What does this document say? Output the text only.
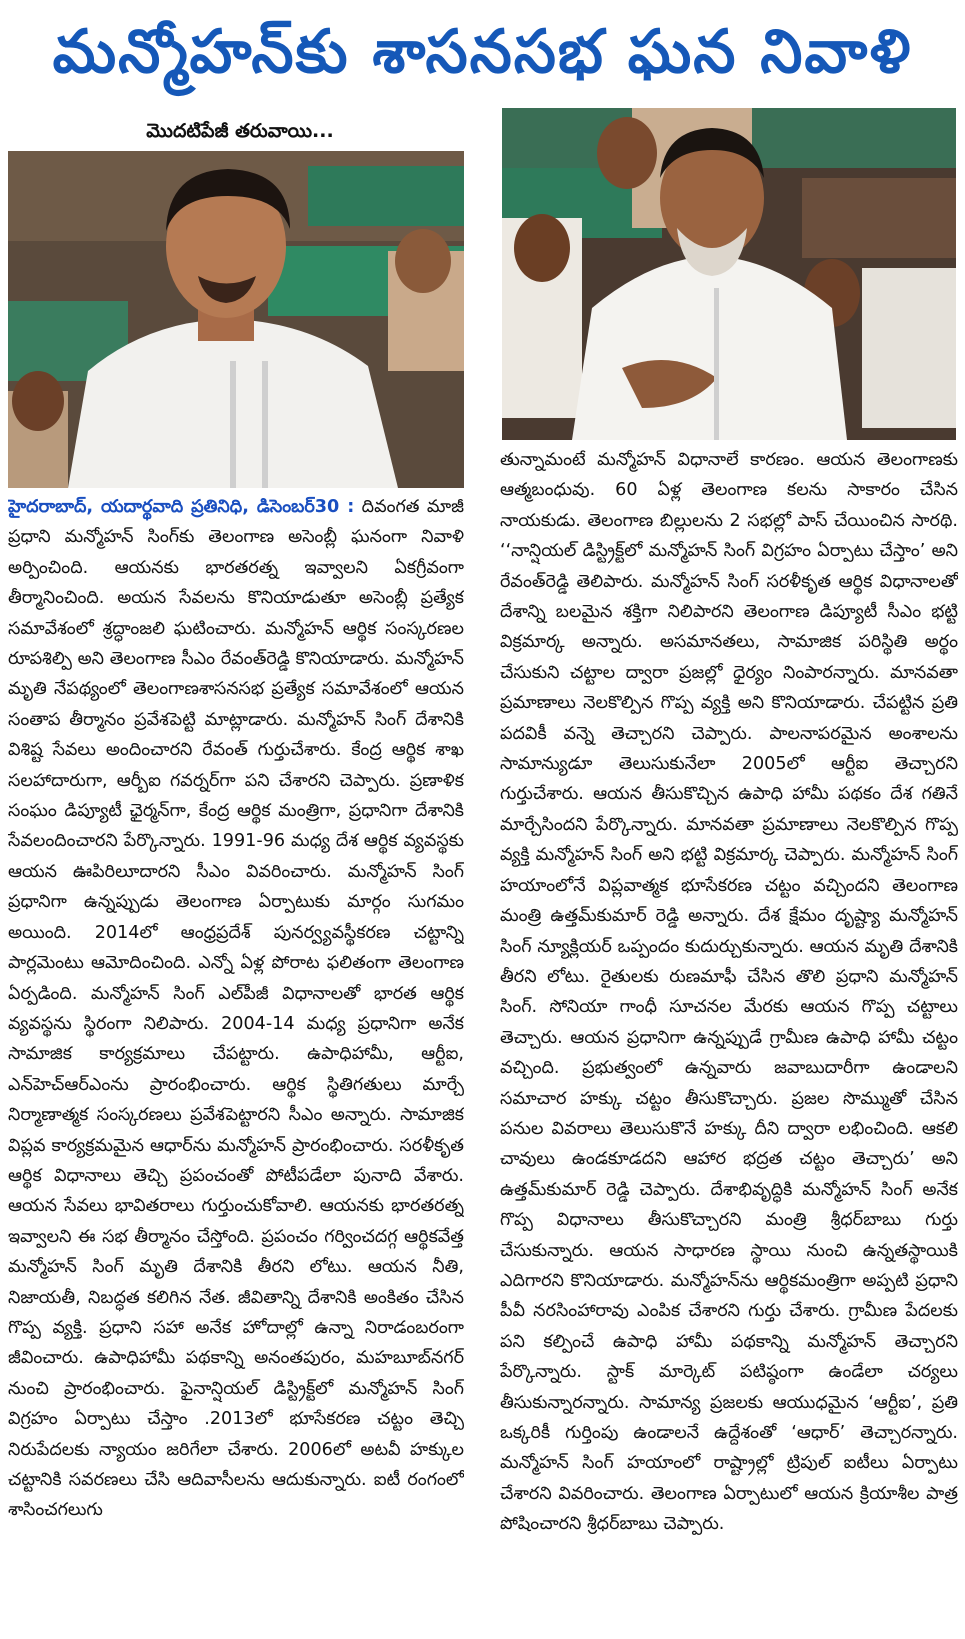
మన్మోహన్‌కు శాసనసభ ఘన నివాళి
మొదటిపేజీ తరువాయి...
హైదరాబాద్, యదార్థవాది ప్రతినిధి, డిసెంబర్30 : దివంగత మాజీ ప్రధాని మన్మోహన్ సింగ్‌కు తెలంగాణ అసెంబ్లీ ఘనంగా నివాళి అర్పించింది. ఆయనకు భారతరత్న ఇవ్వాలని ఏకగ్రీవంగా తీర్మానించింది. అయన సేవలను కొనియాడుతూ అసెంబ్లీ ప్రత్యేక సమావేశంలో శ్రద్ధాంజలి ఘటించారు. మన్మోహన్ ఆర్థిక సంస్కరణల రూపశిల్పి అని తెలంగాణ సీఎం రేవంత్‌రెడ్డి కొనియాడారు. మన్మోహన్ మృతి నేపథ్యంలో తెలంగాణశాసనసభ ప్రత్యేక సమావేశంలో ఆయన సంతాప తీర్మానం ప్రవేశపెట్టి మాట్లాడారు. మన్మోహన్ సింగ్ దేశానికి విశిష్ట సేవలు అందించారని రేవంత్ గుర్తుచేశారు. కేంద్ర ఆర్థిక శాఖ సలహాదారుగా, ఆర్బీఐ గవర్నర్‌గా పని చేశారని చెప్పారు. ప్రణాళిక సంఘం డిప్యూటీ ఛైర్మన్‌గా, కేంద్ర ఆర్థిక మంత్రిగా, ప్రధానిగా దేశానికి సేవలందించారని పేర్కొన్నారు. 1991-96 మధ్య దేశ ఆర్థిక వ్యవస్థకు ఆయన ఊపిరిలూదారని సీఎం వివరించారు. మన్మోహన్ సింగ్ ప్రధానిగా ఉన్నప్పుడు తెలంగాణ ఏర్పాటుకు మార్గం సుగమం అయింది. 2014లో ఆంధ్రప్రదేశ్ పునర్వ్యవస్థీకరణ చట్టాన్ని పార్లమెంటు ఆమోదించింది. ఎన్నో ఏళ్ల పోరాట ఫలితంగా తెలంగాణ ఏర్పడింది. మన్మోహన్ సింగ్ ఎల్‌పీజీ విధానాలతో భారత ఆర్థిక వ్యవస్థను స్థిరంగా నిలిపారు. 2004-14 మధ్య ప్రధానిగా అనేక సామాజిక కార్యక్రమాలు చేపట్టారు. ఉపాధిహామీ, ఆర్టీఐ, ఎన్‌హెచ్‌ఆర్ఎంను ప్రారంభించారు. ఆర్థిక స్థితిగతులు మార్చే నిర్మాణాత్మక సంస్కరణలు ప్రవేశపెట్టారని సీఎం అన్నారు. సామాజిక విప్లవ కార్యక్రమమైన ఆధార్‌ను మన్మోహన్ ప్రారంభించారు. సరళీకృత ఆర్థిక విధానాలు తెచ్చి ప్రపంచంతో పోటీపడేలా పునాది వేశారు. ఆయన సేవలు భావితరాలు గుర్తుంచుకోవాలి. ఆయనకు భారతరత్న ఇవ్వాలని ఈ సభ తీర్మానం చేస్తోంది. ప్రపంచం గర్వించదగ్గ ఆర్థికవేత్త మన్మోహన్ సింగ్ మృతి దేశానికి తీరని లోటు. ఆయన నీతి, నిజాయతీ, నిబద్ధత కలిగిన నేత. జీవితాన్ని దేశానికి అంకితం చేసిన గొప్ప వ్యక్తి. ప్రధాని సహా అనేక హోదాల్లో ఉన్నా నిరాడంబరంగా జీవించారు. ఉపాధిహామీ పథకాన్ని అనంతపురం, మహబూబ్‌నగర్ నుంచి ప్రారంభించారు. ఫైనాన్షియల్ డిస్ట్రిక్ట్‌లో మన్మోహన్ సింగ్ విగ్రహం ఏర్పాటు చేస్తాం .2013లో భూసేకరణ చట్టం తెచ్చి నిరుపేదలకు న్యాయం జరిగేలా చేశారు. 2006లో అటవీ హక్కుల చట్టానికి సవరణలు చేసి ఆదివాసీలను ఆదుకున్నారు. ఐటీ రంగంలో శాసించగలుగు
తున్నామంటే మన్మోహన్ విధానాలే కారణం. ఆయన తెలంగాణకు ఆత్మబంధువు. 60 ఏళ్ల తెలంగాణ కలను సాకారం చేసిన నాయకుడు. తెలంగాణ బిల్లులను 2 సభల్లో పాస్ చేయించిన సారథి. ‘‘నాన్షియల్ డిస్ట్రిక్ట్‌లో మన్మోహన్ సింగ్ విగ్రహం ఏర్పాటు చేస్తాం’ అని రేవంత్‌రెడ్డి తెలిపారు. మన్మోహన్ సింగ్ సరళీకృత ఆర్థిక విధానాలతో దేశాన్ని బలమైన శక్తిగా నిలిపారని తెలంగాణ డిప్యూటీ సీఎం భట్టి విక్రమార్క అన్నారు. అసమానతలు, సామాజిక పరిస్థితి అర్థం చేసుకుని చట్టాల ద్వారా ప్రజల్లో ధైర్యం నింపారన్నారు. మానవతా ప్రమాణాలు నెలకొల్పిన గొప్ప వ్యక్తి అని కొనియాడారు. చేపట్టిన ప్రతి పదవికీ వన్నె తెచ్చారని చెప్పారు. పాలనాపరమైన అంశాలను సామాన్యుడూ తెలుసుకునేలా 2005లో ఆర్టీఐ తెచ్చారని గుర్తుచేశారు. ఆయన తీసుకొచ్చిన ఉపాధి హామీ పథకం దేశ గతినే మార్చేసిందని పేర్కొన్నారు. మానవతా ప్రమాణాలు నెలకొల్పిన గొప్ప వ్యక్తి మన్మోహన్ సింగ్ అని భట్టి విక్రమార్క చెప్పారు. మన్మోహన్ సింగ్ హయాంలోనే విప్లవాత్మక భూసేకరణ చట్టం వచ్చిందని తెలంగాణ మంత్రి ఉత్తమ్‌కుమార్ రెడ్డి అన్నారు. దేశ క్షేమం దృష్ట్యా మన్మోహన్ సింగ్ న్యూక్లియర్ ఒప్పందం కుదుర్చుకున్నారు. ఆయన మృతి దేశానికి తీరని లోటు. రైతులకు రుణమాఫీ చేసిన తొలి ప్రధాని మన్మోహన్ సింగ్. సోనియా గాంధీ సూచనల మేరకు ఆయన గొప్ప చట్టాలు తెచ్చారు. ఆయన ప్రధానిగా ఉన్నప్పుడే గ్రామీణ ఉపాధి హామీ చట్టం వచ్చింది. ప్రభుత్వంలో ఉన్నవారు జవాబుదారీగా ఉండాలని సమాచార హక్కు చట్టం తీసుకొచ్చారు. ప్రజల సొమ్ముతో చేసిన పనుల వివరాలు తెలుసుకొనే హక్కు దీని ద్వారా లభించింది. ఆకలి చావులు ఉండకూడదని ఆహార భద్రత చట్టం తెచ్చారు’ అని ఉత్తమ్‌కుమార్ రెడ్డి చెప్పారు. దేశాభివృద్ధికి మన్మోహన్ సింగ్ అనేక గొప్ప విధానాలు తీసుకొచ్చారని మంత్రి శ్రీధర్‌బాబు గుర్తు చేసుకున్నారు. ఆయన సాధారణ స్థాయి నుంచి ఉన్నతస్థాయికి ఎదిగారని కొనియాడారు. మన్మోహన్‌ను ఆర్థికమంత్రిగా అప్పటి ప్రధాని పీవీ నరసింహారావు ఎంపిక చేశారని గుర్తు చేశారు. గ్రామీణ పేదలకు పని కల్పించే ఉపాధి హామీ పథకాన్ని మన్మోహన్ తెచ్చారని పేర్కొన్నారు. స్టాక్ మార్కెట్ పటిష్ఠంగా ఉండేలా చర్యలు తీసుకున్నారన్నారు. సామాన్య ప్రజలకు ఆయుధమైన ‘ఆర్టీఐ’, ప్రతి ఒక్కరికీ గుర్తింపు ఉండాలనే ఉద్దేశంతో ‘ఆధార్’ తెచ్చారన్నారు. మన్మోహన్ సింగ్ హయాంలో రాష్ట్రాల్లో ట్రిపుల్ ఐటీలు ఏర్పాటు చేశారని వివరించారు. తెలంగాణ ఏర్పాటులో ఆయన క్రియాశీల పాత్ర పోషించారని శ్రీధర్‌బాబు చెప్పారు.
